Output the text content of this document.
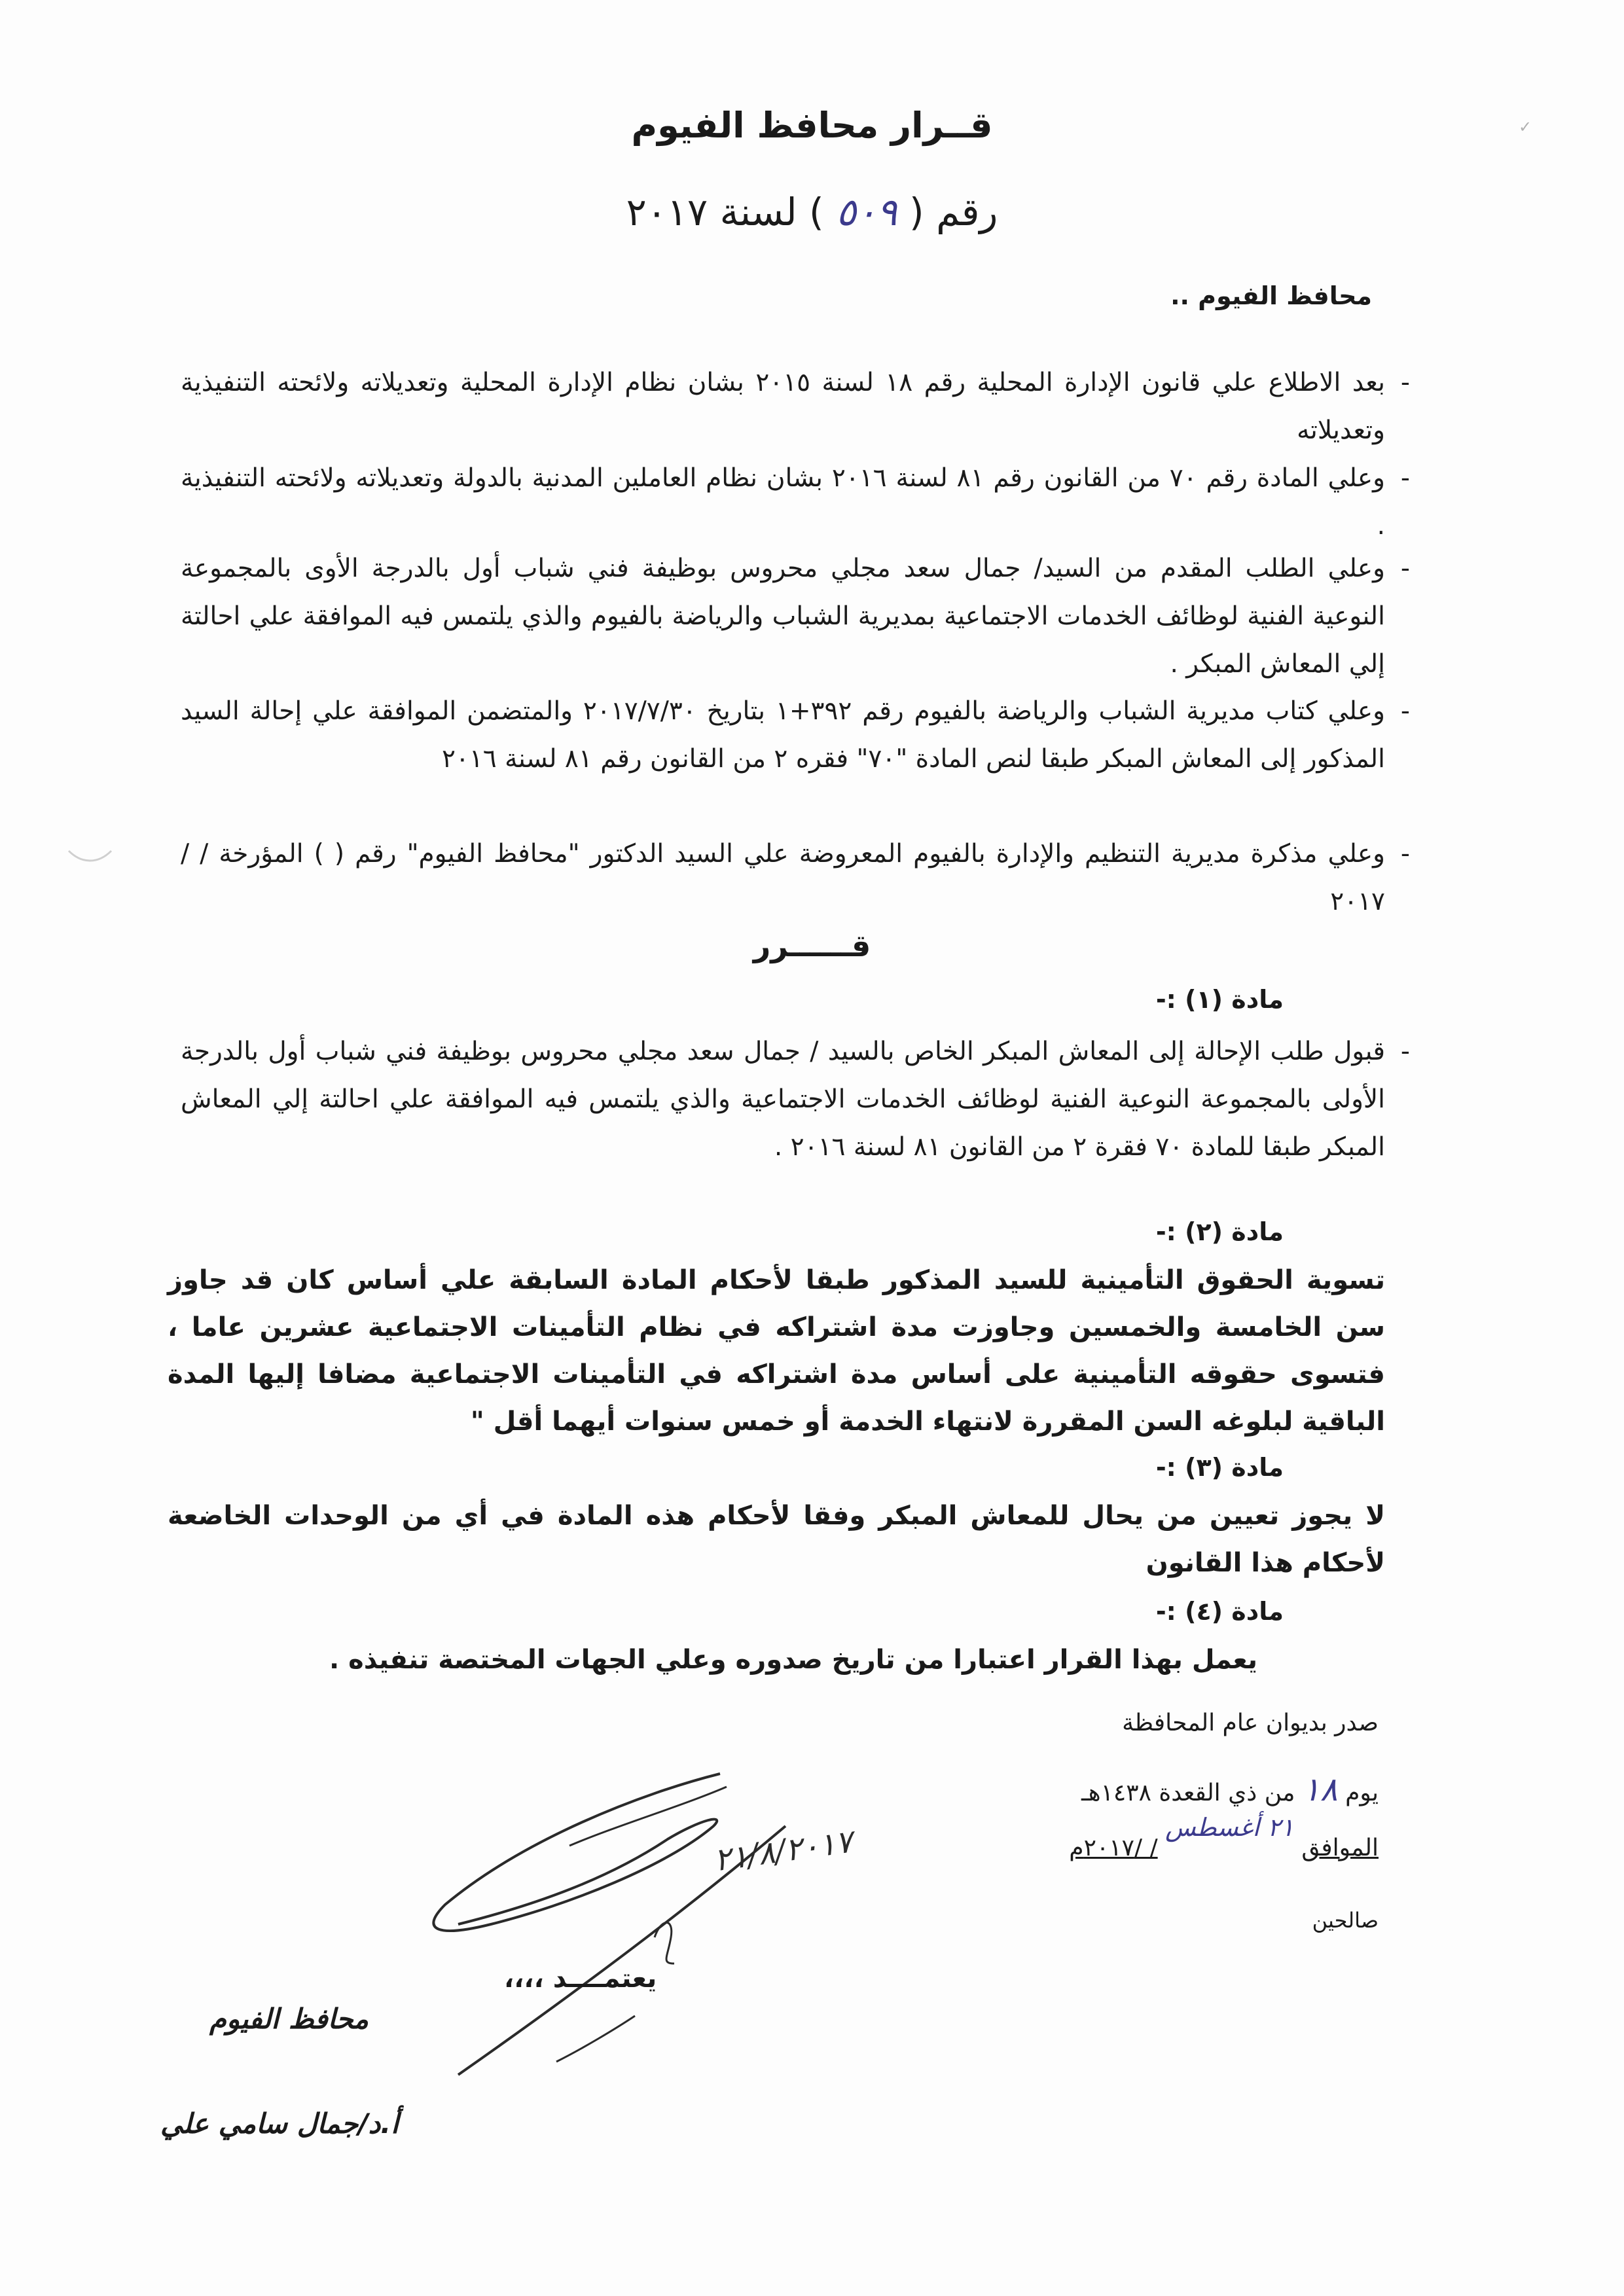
قــرار محافظ الفيوم
رقم ( ٥٠٩ ) لسنة ٢٠١٧
محافظ الفيوم ..
-
بعد الاطلاع علي قانون الإدارة المحلية رقم ١٨ لسنة ٢٠١٥ بشان نظام الإدارة المحلية وتعديلاته ولائحته التنفيذية وتعديلاته
-
وعلي المادة رقم ٧٠ من القانون رقم ٨١ لسنة ٢٠١٦ بشان نظام العاملين المدنية بالدولة وتعديلاته ولائحته التنفيذية .
-
وعلي الطلب المقدم من السيد/ جمال سعد مجلي محروس بوظيفة فني شباب أول بالدرجة الأوى بالمجموعة النوعية الفنية لوظائف الخدمات الاجتماعية بمديرية الشباب والرياضة بالفيوم والذي يلتمس فيه الموافقة علي احالتة إلي المعاش المبكر .
-
وعلي كتاب مديرية الشباب والرياضة بالفيوم رقم ٣٩٢+١ بتاريخ ٢٠١٧/٧/٣٠ والمتضمن الموافقة علي إحالة السيد المذكور إلى المعاش المبكر طبقا لنص المادة "٧٠" فقره ٢ من القانون رقم ٨١ لسنة ٢٠١٦
-
وعلي مذكرة مديرية التنظيم والإدارة بالفيوم المعروضة علي السيد الدكتور "محافظ الفيوم" رقم ( ) المؤرخة / / ٢٠١٧
قــــــرر
مادة (١) :-
-
قبول طلب الإحالة إلى المعاش المبكر الخاص بالسيد / جمال سعد مجلي محروس بوظيفة فني شباب أول بالدرجة الأولى بالمجموعة النوعية الفنية لوظائف الخدمات الاجتماعية والذي يلتمس فيه الموافقة علي احالتة إلي المعاش المبكر طبقا للمادة ٧٠ فقرة ٢ من القانون ٨١ لسنة ٢٠١٦ .
مادة (٢) :-
تسوية الحقوق التأمينية للسيد المذكور طبقا لأحكام المادة السابقة علي أساس كان قد جاوز سن الخامسة والخمسين وجاوزت مدة اشتراكه في نظام التأمينات الاجتماعية عشرين عاما ، فتسوى حقوقه التأمينية على أساس مدة اشتراكه في التأمينات الاجتماعية مضافا إليها المدة الباقية لبلوغه السن المقررة لانتهاء الخدمة أو خمس سنوات أيهما أقل "
مادة (٣) :-
لا يجوز تعيين من يحال للمعاش المبكر وفقا لأحكام هذه المادة في أي من الوحدات الخاضعة لأحكام هذا القانون
مادة (٤) :-
يعمل بهذا القرار اعتبارا من تاريخ صدوره وعلي الجهات المختصة تنفيذه .
صدر بديوان عام المحافظة
يوم ١٨ من ذي القعدة ١٤٣٨هـ
الموافق ٢١ أغسطس / /٢٠١٧م
صالحين
٢١/٨/٢٠١٧
يعتمــــد ،،،،
محافظ الفيوم
أ.د/جمال سامي علي
✓
